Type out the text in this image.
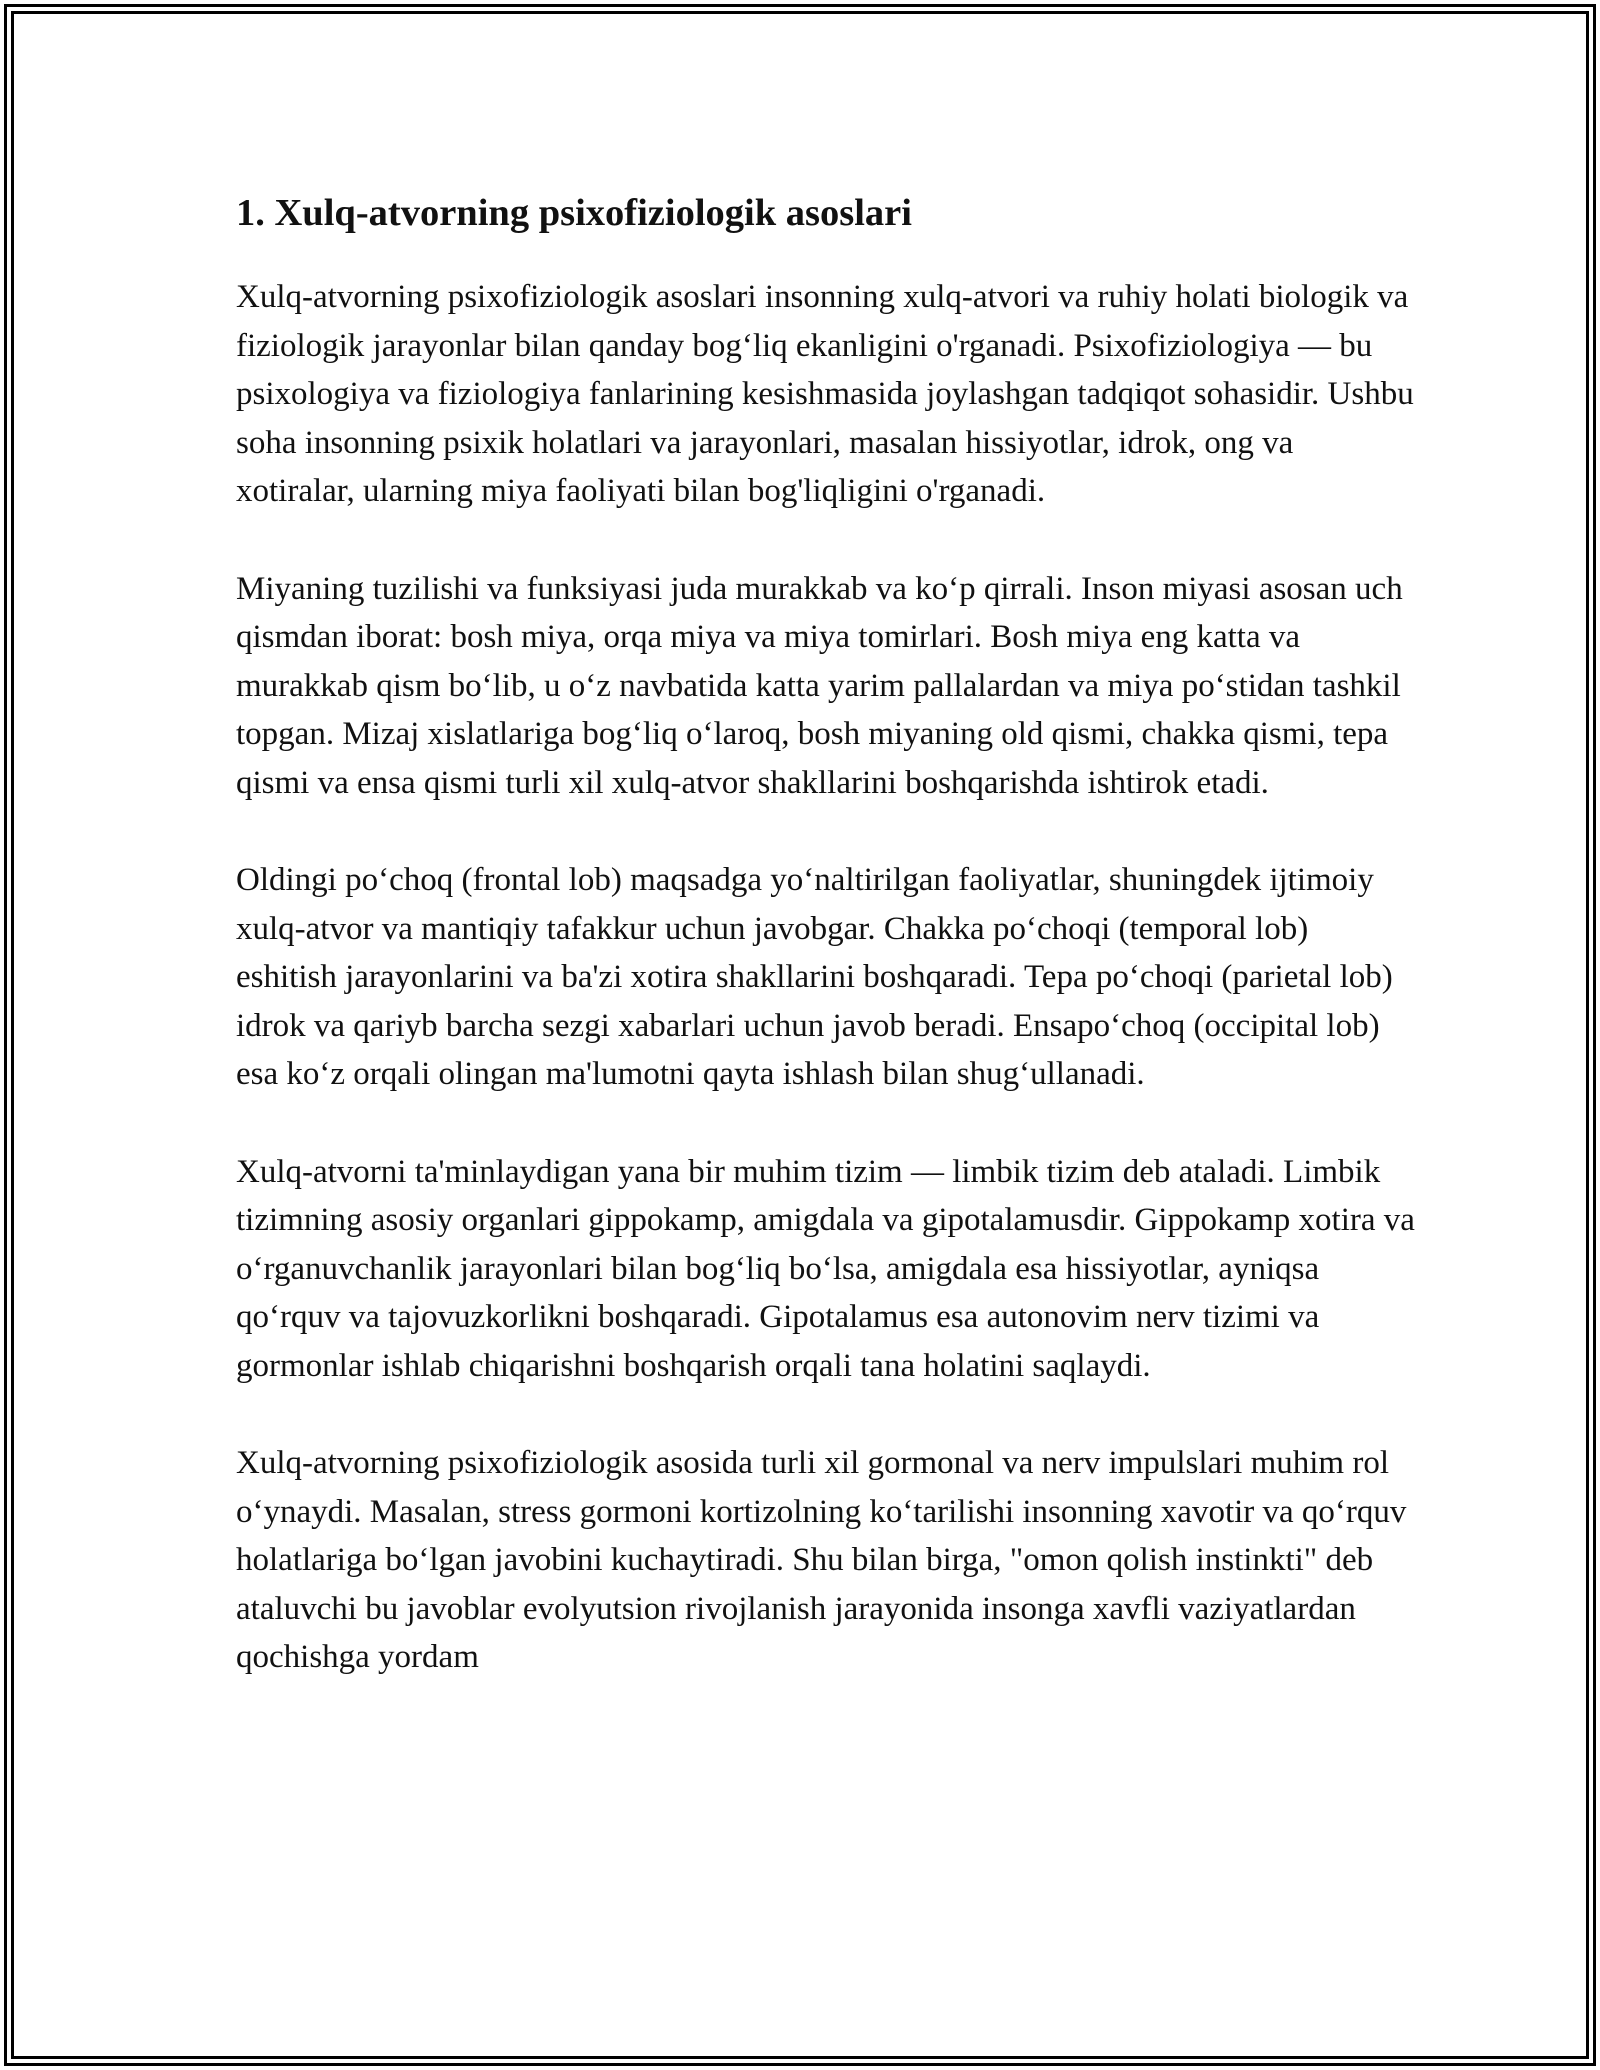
1. Xulq-atvorning psixofiziologik asoslari

Xulq-atvorning psixofiziologik asoslari insonning xulq-atvori va ruhiy holati biologik va fiziologik jarayonlar bilan qanday bog‘liq ekanligini o'rganadi. Psixofiziologiya — bu psixologiya va fiziologiya fanlarining kesishmasida joylashgan tadqiqot sohasidir. Ushbu soha insonning psixik holatlari va jarayonlari, masalan hissiyotlar, idrok, ong va xotiralar, ularning miya faoliyati bilan bog'liqligini o'rganadi.

Miyaning tuzilishi va funksiyasi juda murakkab va ko‘p qirrali. Inson miyasi asosan uch qismdan iborat: bosh miya, orqa miya va miya tomirlari. Bosh miya eng katta va murakkab qism bo‘lib, u o‘z navbatida katta yarim pallalardan va miya po‘stidan tashkil topgan. Mizaj xislatlariga bog‘liq o‘laroq, bosh miyaning old qismi, chakka qismi, tepa qismi va ensa qismi turli xil xulq-atvor shakllarini boshqarishda ishtirok etadi.

Oldingi po‘choq (frontal lob) maqsadga yo‘naltirilgan faoliyatlar, shuningdek ijtimoiy xulq-atvor va mantiqiy tafakkur uchun javobgar. Chakka po‘choqi (temporal lob) eshitish jarayonlarini va ba'zi xotira shakllarini boshqaradi. Tepa po‘choqi (parietal lob) idrok va qariyb barcha sezgi xabarlari uchun javob beradi. Ensapo‘choq (occipital lob) esa ko‘z orqali olingan ma'lumotni qayta ishlash bilan shug‘ullanadi.

Xulq-atvorni ta'minlaydigan yana bir muhim tizim — limbik tizim deb ataladi. Limbik tizimning asosiy organlari gippokamp, amigdala va gipotalamusdir. Gippokamp xotira va o‘rganuvchanlik jarayonlari bilan bog‘liq bo‘lsa, amigdala esa hissiyotlar, ayniqsa qo‘rquv va tajovuzkorlikni boshqaradi. Gipotalamus esa autonovim nerv tizimi va gormonlar ishlab chiqarishni boshqarish orqali tana holatini saqlaydi.

Xulq-atvorning psixofiziologik asosida turli xil gormonal va nerv impulslari muhim rol o‘ynaydi. Masalan, stress gormoni kortizolning ko‘tarilishi insonning xavotir va qo‘rquv holatlariga bo‘lgan javobini kuchaytiradi. Shu bilan birga, "omon qolish instinkti" deb ataluvchi bu javoblar evolyutsion rivojlanish jarayonida insonga xavfli vaziyatlardan qochishga yordam
